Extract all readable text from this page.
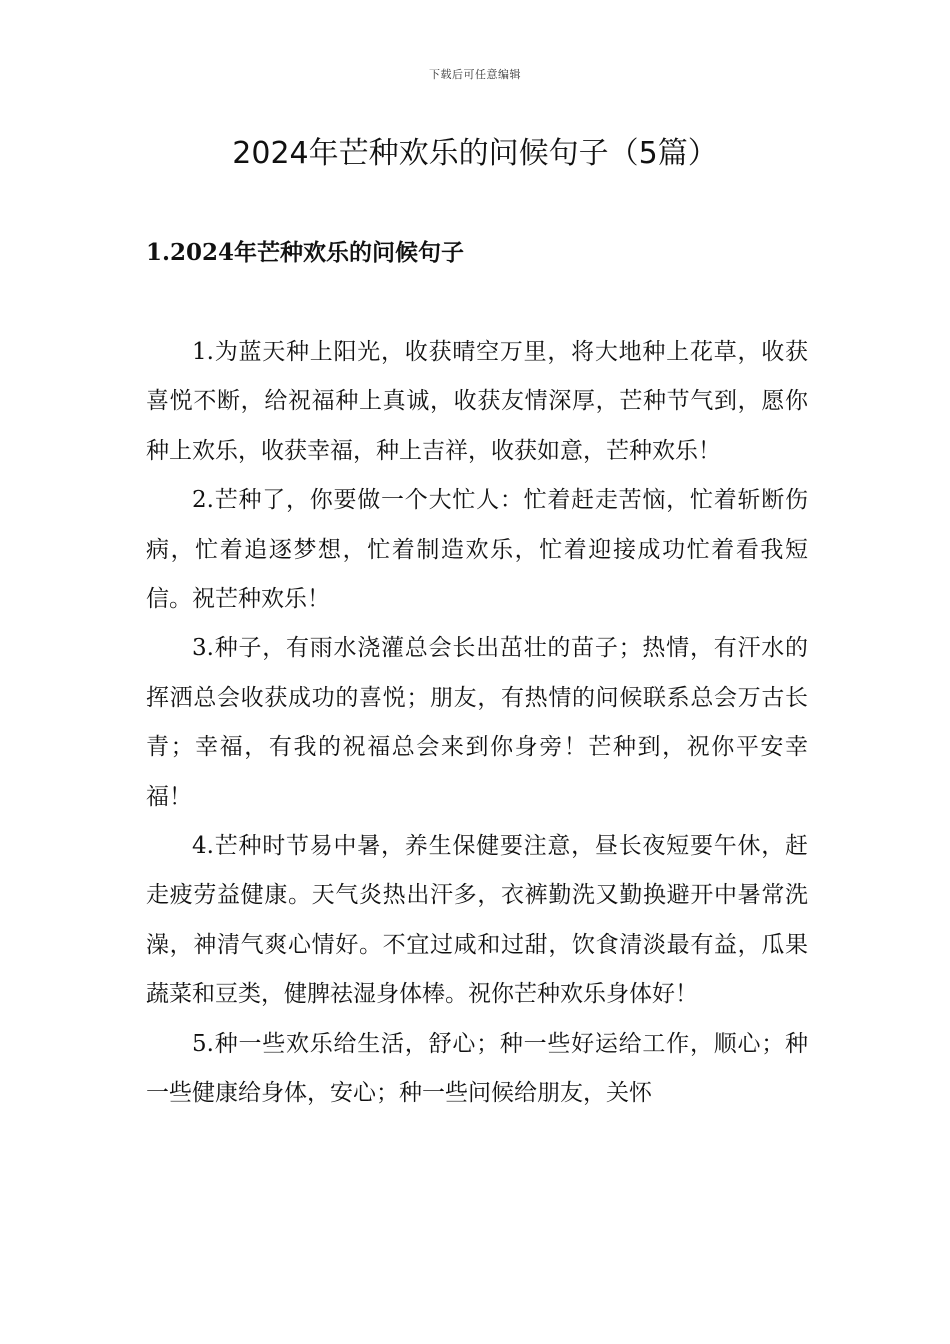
下载后可任意编辑
2024年芒种欢乐的问候句子（5篇）
1.2024年芒种欢乐的问候句子

1.为蓝天种上阳光，收获晴空万里，将大地种上花草，收获喜悦不断，给祝福种上真诚，收获友情深厚，芒种节气到，愿你种上欢乐，收获幸福，种上吉祥，收获如意，芒种欢乐！

2.芒种了，你要做一个大忙人：忙着赶走苦恼，忙着斩断伤病，忙着追逐梦想，忙着制造欢乐，忙着迎接成功忙着看我短信。祝芒种欢乐！

3.种子，有雨水浇灌总会长出茁壮的苗子；热情，有汗水的挥洒总会收获成功的喜悦；朋友，有热情的问候联系总会万古长青；幸福，有我的祝福总会来到你身旁！芒种到，祝你平安幸福！

4.芒种时节易中暑，养生保健要注意，昼长夜短要午休，赶走疲劳益健康。天气炎热出汗多，衣裤勤洗又勤换避开中暑常洗澡，神清气爽心情好。不宜过咸和过甜，饮食清淡最有益，瓜果蔬菜和豆类，健脾祛湿身体棒。祝你芒种欢乐身体好！

5.种一些欢乐给生活，舒心；种一些好运给工作，顺心；种一些健康给身体，安心；种一些问候给朋友，关怀
